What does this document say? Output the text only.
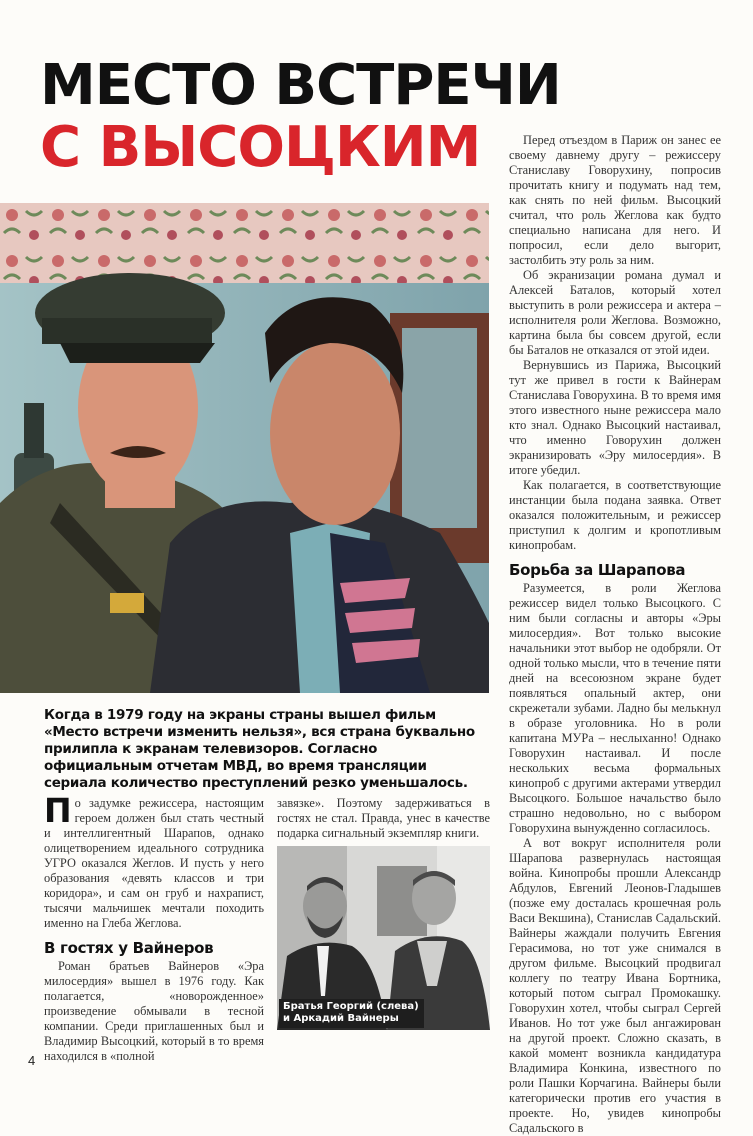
МЕСТО ВСТРЕЧИ
С ВЫСОЦКИМ

Когда в 1979 году на экраны страны вышел фильм «Место встречи изменить нельзя», вся страна буквально прилипла к экранам телевизоров. Согласно официальным отчетам МВД, во время трансляции сериала количество преступлений резко уменьшалось.

По задумке режиссера, настоящим героем должен был стать честный и интеллигентный Шарапов, однако олицетворением идеального сотрудника УГРО оказался Жеглов. И пусть у него образования «девять классов и три коридора», и сам он груб и нахрапист, тысячи мальчишек мечтали походить именно на Глеба Жеглова.

В гостях у Вайнеров

Роман братьев Вайнеров «Эра милосердия» вышел в 1976 году. Как полагается, «новорожденное» произведение обмывали в тесной компании. Среди приглашенных был и Владимир Высоцкий, который в то время находился в «полной

завязке». Поэтому задерживаться в гостях не стал. Правда, унес в качестве подарка сигнальный экземпляр книги.

Братья Георгий (слева)
и Аркадий Вайнеры

Перед отъездом в Париж он занес ее своему давнему другу – режиссеру Станиславу Говорухину, попросив прочитать книгу и подумать над тем, как снять по ней фильм. Высоцкий считал, что роль Жеглова как будто специально написана для него. И попросил, если дело выгорит, застолбить эту роль за ним.

Об экранизации романа думал и Алексей Баталов, который хотел выступить в роли режиссера и актера – исполнителя роли Жеглова. Возможно, картина была бы совсем другой, если бы Баталов не отказался от этой идеи.

Вернувшись из Парижа, Высоцкий тут же привел в гости к Вайнерам Станислава Говорухина. В то время имя этого известного ныне режиссера мало кто знал. Однако Высоцкий настаивал, что именно Говорухин должен экранизировать «Эру милосердия». В итоге убедил.

Как полагается, в соответствующие инстанции была подана заявка. Ответ оказался положительным, и режиссер приступил к долгим и кропотливым кинопробам.

Борьба за Шарапова

Разумеется, в роли Жеглова режиссер видел только Высоцкого. С ним были согласны и авторы «Эры милосердия». Вот только высокие начальники этот выбор не одобряли. От одной только мысли, что в течение пяти дней на всесоюзном экране будет появляться опальный актер, они скрежетали зубами. Ладно бы мелькнул в образе уголовника. Но в роли капитана МУРа – неслыханно! Однако Говорухин настаивал. И после нескольких весьма формальных кинопроб с другими актерами утвердил Высоцкого. Большое начальство было страшно недовольно, но с выбором Говорухина вынужденно согласилось.

А вот вокруг исполнителя роли Шарапова развернулась настоящая война. Кинопробы прошли Александр Абдулов, Евгений Леонов-Гладышев (позже ему досталась крошечная роль Васи Векшина), Станислав Садальский. Вайнеры жаждали получить Евгения Герасимова, но тот уже снимался в другом фильме. Высоцкий продвигал коллегу по театру Ивана Бортника, который потом сыграл Промокашку. Говорухин хотел, чтобы сыграл Сергей Иванов. Но тот уже был ангажирован на другой проект. Сложно сказать, в какой момент возникла кандидатура Владимира Конкина, известного по роли Пашки Корчагина. Вайнеры были категорически против его участия в проекте. Но, увидев кинопробы Садальского в

4
